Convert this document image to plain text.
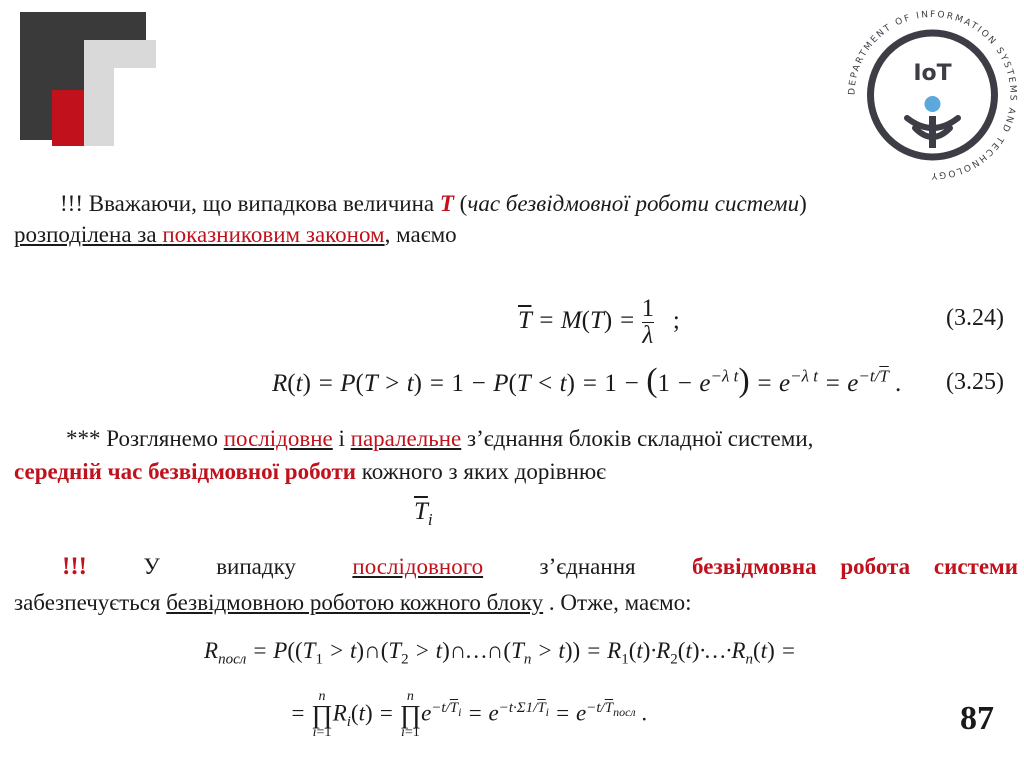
DEPARTMENT OF INFORMATION SYSTEMS AND TECHNOLOGY
IoT
!!! Вважаючи, що випадкова величина T (час безвідмовної роботи системи)
розподілена за показниковим законом, маємо
$\overline{T} = M(T) = \frac{1}{\lambda}$ ;	(3.24)
$R(t) = P(T > t) = 1 - P(T < t) = 1 - (1 - e^{-\lambda t}) = e^{-\lambda t} = e^{-t/\overline{T}}$ . (3.25)
*** Розглянемо послідовне і паралельне з’єднання блоків складної системи,
середній час безвідмовної роботи кожного з яких дорівнює
$\overline{T}_i$
!!! У випадку послідовного з’єднання безвідмовна робота системи
забезпечується безвідмовною роботою кожного блоку . Отже, маємо:
$R_{посл} = P((T_1$ > $t)\cap(T_2$ > $t)\cap\dots\cap(T_n > t)$) = $R_1(t)\cdot R_2(t)\cdot\dots\cdot R_n(t)$ =
=
n
∏
i=1
$R_i(t)$ =
n
∏
i=1
$e^{-t/\overline{T}_i} = e^{-t\cdot\Sigma 1/\overline{T}_i} = e^{-t/\overline{T}_{посл}}$ .	87
